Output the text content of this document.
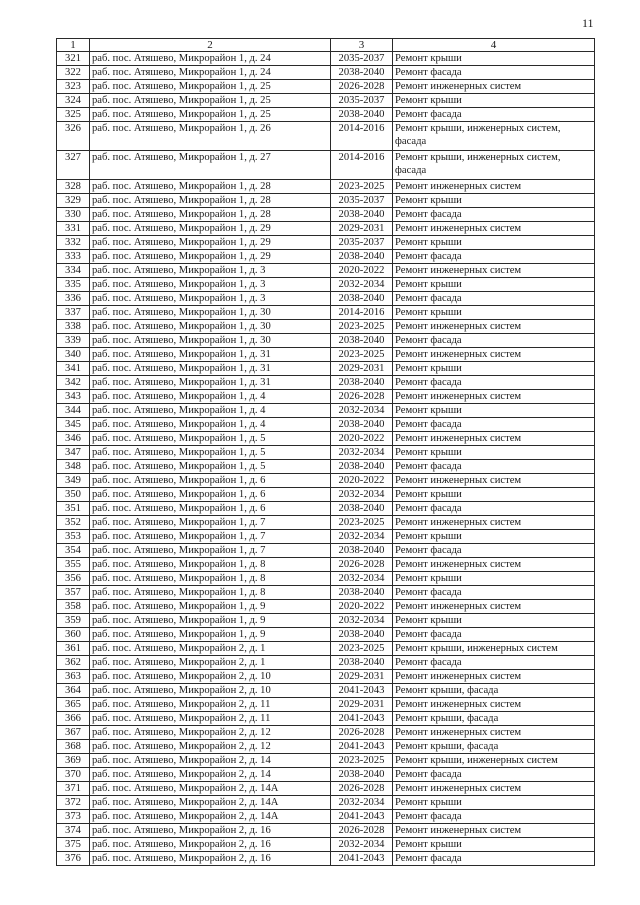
11
1	2	3	4
321	раб. пос. Атяшево, Микрорайон 1, д. 24	2035-2037	Ремонт крыши
322	раб. пос. Атяшево, Микрорайон 1, д. 24	2038-2040	Ремонт фасада
323	раб. пос. Атяшево, Микрорайон 1, д. 25	2026-2028	Ремонт инженерных систем
324	раб. пос. Атяшево, Микрорайон 1, д. 25	2035-2037	Ремонт крыши
325	раб. пос. Атяшево, Микрорайон 1, д. 25	2038-2040	Ремонт фасада
326	раб. пос. Атяшево, Микрорайон 1, д. 26	2014-2016	Ремонт крыши, инженерных систем, фасада
327	раб. пос. Атяшево, Микрорайон 1, д. 27	2014-2016	Ремонт крыши, инженерных систем, фасада
328	раб. пос. Атяшево, Микрорайон 1, д. 28	2023-2025	Ремонт инженерных систем
329	раб. пос. Атяшево, Микрорайон 1, д. 28	2035-2037	Ремонт крыши
330	раб. пос. Атяшево, Микрорайон 1, д. 28	2038-2040	Ремонт фасада
331	раб. пос. Атяшево, Микрорайон 1, д. 29	2029-2031	Ремонт инженерных систем
332	раб. пос. Атяшево, Микрорайон 1, д. 29	2035-2037	Ремонт крыши
333	раб. пос. Атяшево, Микрорайон 1, д. 29	2038-2040	Ремонт фасада
334	раб. пос. Атяшево, Микрорайон 1, д. 3	2020-2022	Ремонт инженерных систем
335	раб. пос. Атяшево, Микрорайон 1, д. 3	2032-2034	Ремонт крыши
336	раб. пос. Атяшево, Микрорайон 1, д. 3	2038-2040	Ремонт фасада
337	раб. пос. Атяшево, Микрорайон 1, д. 30	2014-2016	Ремонт крыши
338	раб. пос. Атяшево, Микрорайон 1, д. 30	2023-2025	Ремонт инженерных систем
339	раб. пос. Атяшево, Микрорайон 1, д. 30	2038-2040	Ремонт фасада
340	раб. пос. Атяшево, Микрорайон 1, д. 31	2023-2025	Ремонт инженерных систем
341	раб. пос. Атяшево, Микрорайон 1, д. 31	2029-2031	Ремонт крыши
342	раб. пос. Атяшево, Микрорайон 1, д. 31	2038-2040	Ремонт фасада
343	раб. пос. Атяшево, Микрорайон 1, д. 4	2026-2028	Ремонт инженерных систем
344	раб. пос. Атяшево, Микрорайон 1, д. 4	2032-2034	Ремонт крыши
345	раб. пос. Атяшево, Микрорайон 1, д. 4	2038-2040	Ремонт фасада
346	раб. пос. Атяшево, Микрорайон 1, д. 5	2020-2022	Ремонт инженерных систем
347	раб. пос. Атяшево, Микрорайон 1, д. 5	2032-2034	Ремонт крыши
348	раб. пос. Атяшево, Микрорайон 1, д. 5	2038-2040	Ремонт фасада
349	раб. пос. Атяшево, Микрорайон 1, д. 6	2020-2022	Ремонт инженерных систем
350	раб. пос. Атяшево, Микрорайон 1, д. 6	2032-2034	Ремонт крыши
351	раб. пос. Атяшево, Микрорайон 1, д. 6	2038-2040	Ремонт фасада
352	раб. пос. Атяшево, Микрорайон 1, д. 7	2023-2025	Ремонт инженерных систем
353	раб. пос. Атяшево, Микрорайон 1, д. 7	2032-2034	Ремонт крыши
354	раб. пос. Атяшево, Микрорайон 1, д. 7	2038-2040	Ремонт фасада
355	раб. пос. Атяшево, Микрорайон 1, д. 8	2026-2028	Ремонт инженерных систем
356	раб. пос. Атяшево, Микрорайон 1, д. 8	2032-2034	Ремонт крыши
357	раб. пос. Атяшево, Микрорайон 1, д. 8	2038-2040	Ремонт фасада
358	раб. пос. Атяшево, Микрорайон 1, д. 9	2020-2022	Ремонт инженерных систем
359	раб. пос. Атяшево, Микрорайон 1, д. 9	2032-2034	Ремонт крыши
360	раб. пос. Атяшево, Микрорайон 1, д. 9	2038-2040	Ремонт фасада
361	раб. пос. Атяшево, Микрорайон 2, д. 1	2023-2025	Ремонт крыши, инженерных систем
362	раб. пос. Атяшево, Микрорайон 2, д. 1	2038-2040	Ремонт фасада
363	раб. пос. Атяшево, Микрорайон 2, д. 10	2029-2031	Ремонт инженерных систем
364	раб. пос. Атяшево, Микрорайон 2, д. 10	2041-2043	Ремонт крыши, фасада
365	раб. пос. Атяшево, Микрорайон 2, д. 11	2029-2031	Ремонт инженерных систем
366	раб. пос. Атяшево, Микрорайон 2, д. 11	2041-2043	Ремонт крыши, фасада
367	раб. пос. Атяшево, Микрорайон 2, д. 12	2026-2028	Ремонт инженерных систем
368	раб. пос. Атяшево, Микрорайон 2, д. 12	2041-2043	Ремонт крыши, фасада
369	раб. пос. Атяшево, Микрорайон 2, д. 14	2023-2025	Ремонт крыши, инженерных систем
370	раб. пос. Атяшево, Микрорайон 2, д. 14	2038-2040	Ремонт фасада
371	раб. пос. Атяшево, Микрорайон 2, д. 14А	2026-2028	Ремонт инженерных систем
372	раб. пос. Атяшево, Микрорайон 2, д. 14А	2032-2034	Ремонт крыши
373	раб. пос. Атяшево, Микрорайон 2, д. 14А	2041-2043	Ремонт фасада
374	раб. пос. Атяшево, Микрорайон 2, д. 16	2026-2028	Ремонт инженерных систем
375	раб. пос. Атяшево, Микрорайон 2, д. 16	2032-2034	Ремонт крыши
376	раб. пос. Атяшево, Микрорайон 2, д. 16	2041-2043	Ремонт фасада
